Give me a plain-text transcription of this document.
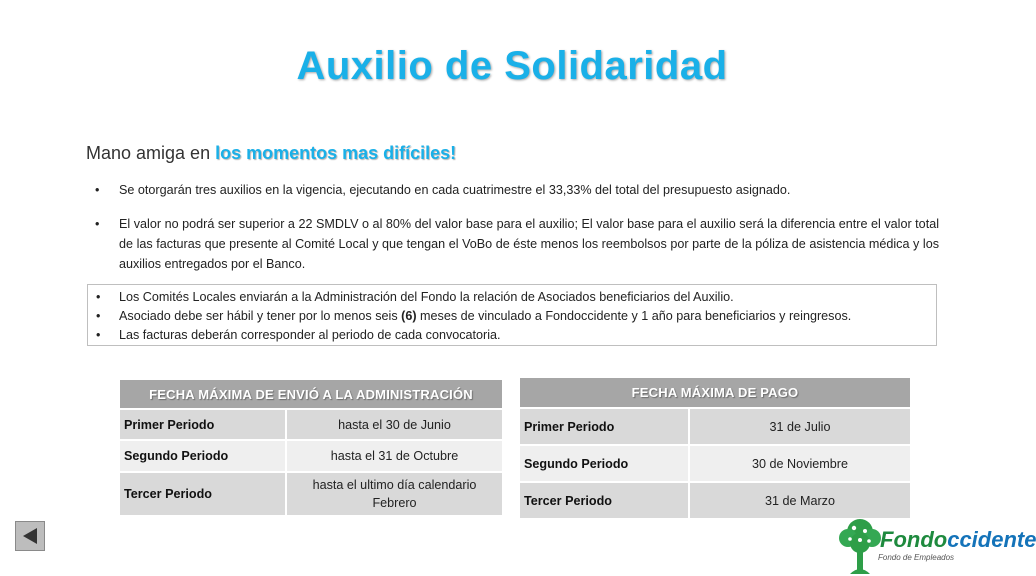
Auxilio de Solidaridad
Mano amiga en los momentos mas difíciles!
• Se otorgarán tres auxilios en la vigencia, ejecutando en cada cuatrimestre el 33,33% del total del presupuesto asignado.
• El valor no podrá ser superior a 22 SMDLV o al 80% del valor base para el auxilio; El valor base para el auxilio será la diferencia entre el valor total de las facturas que presente al Comité Local y que tengan el VoBo de éste menos los reembolsos por parte de la póliza de asistencia médica y los auxilios entregados por el Banco.
• Los Comités Locales enviarán a la Administración del Fondo la relación de Asociados beneficiarios del Auxilio.
• Asociado debe ser hábil y tener por lo menos seis (6) meses de vinculado a Fondoccidente y 1 año para beneficiarios y reingresos.
• Las facturas deberán corresponder al periodo de cada convocatoria.
FECHA MÁXIMA DE ENVIÓ A LA ADMINISTRACIÓN	
Primer Periodo	hasta el 30 de Junio
Segundo Periodo	hasta el 31 de Octubre
Tercer Periodo	hasta el ultimo día calendario Febrero
FECHA MÁXIMA DE PAGO	
Primer Periodo	31 de Julio
Segundo Periodo	30 de Noviembre
Tercer Periodo	31 de Marzo
Fondoccidente
Fondo de Empleados
